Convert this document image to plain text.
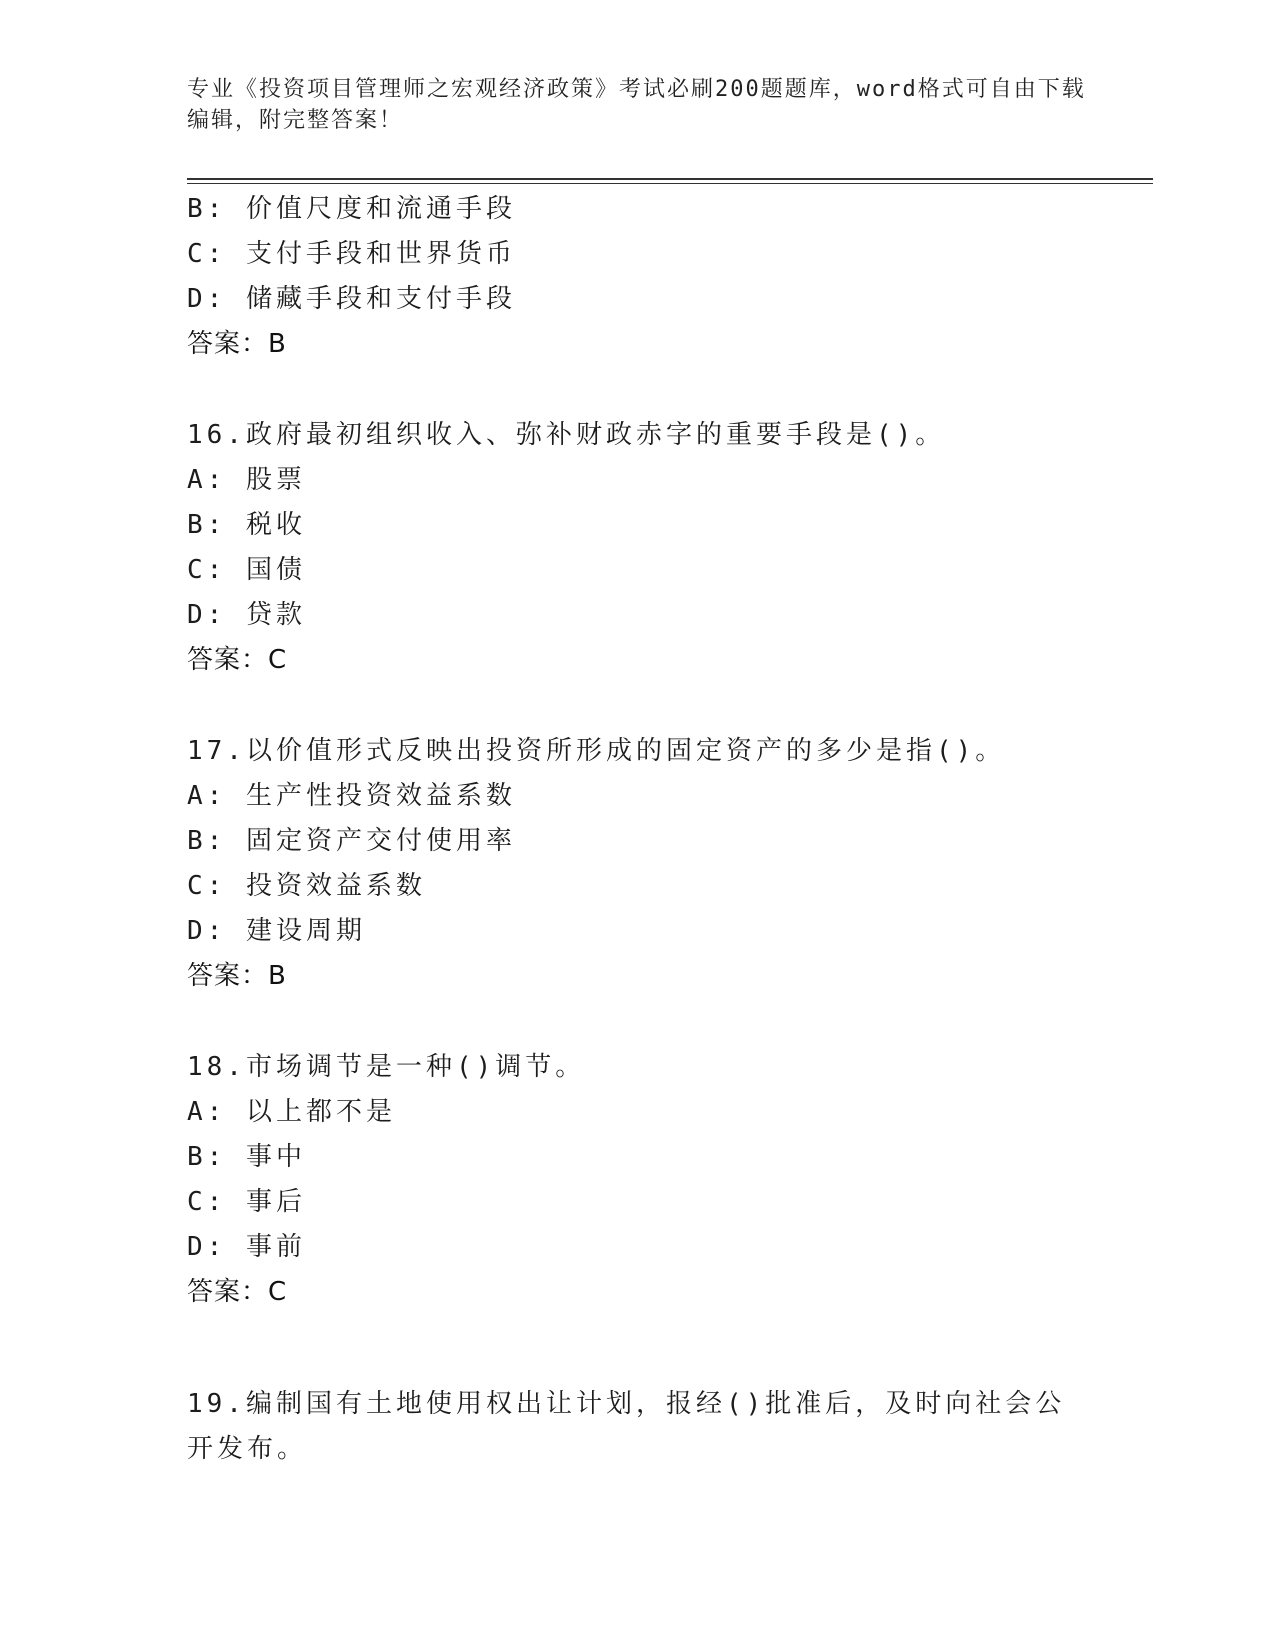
专业《投资项目管理师之宏观经济政策》考试必刷200题题库，word格式可自由下载编辑，附完整答案！
B: 价值尺度和流通手段
C: 支付手段和世界货币
D: 储藏手段和支付手段
答案：B
16.政府最初组织收入、弥补财政赤字的重要手段是()。
A: 股票
B: 税收
C: 国债
D: 贷款
答案：C
17.以价值形式反映出投资所形成的固定资产的多少是指()。
A: 生产性投资效益系数
B: 固定资产交付使用率
C: 投资效益系数
D: 建设周期
答案：B
18.市场调节是一种()调节。
A: 以上都不是
B: 事中
C: 事后
D: 事前
答案：C
19.编制国有土地使用权出让计划，报经()批准后，及时向社会公开发布。
